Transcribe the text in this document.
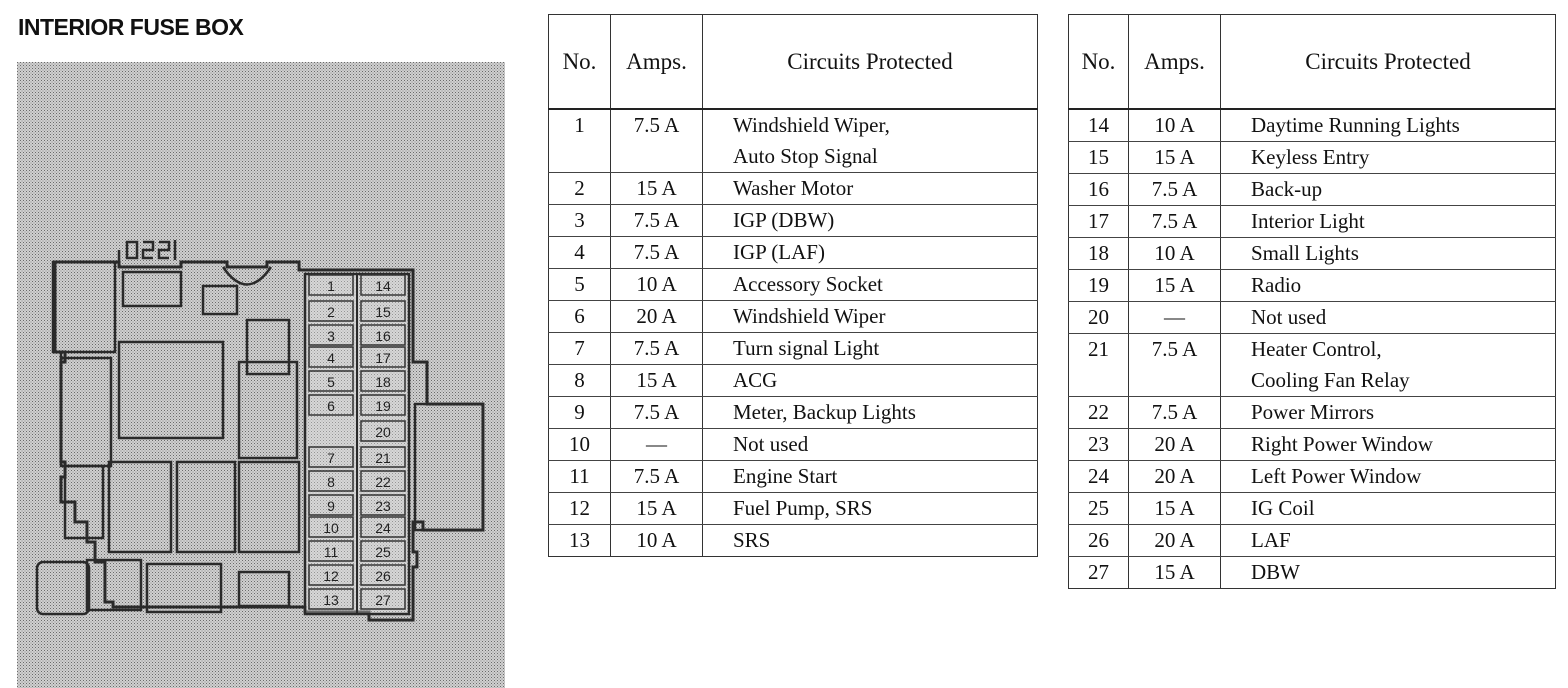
INTERIOR FUSE BOX
1
2
3
4
5
6
7
8
9
10
11
12
13
14
15
16
17
18
19
20
21
22
23
24
25
26
27
No.	Amps.	Circuits Protected
1	7.5 A	Windshield Wiper,
Auto Stop Signal
2	15 A	Washer Motor
3	7.5 A	IGP (DBW)
4	7.5 A	IGP (LAF)
5	10 A	Accessory Socket
6	20 A	Windshield Wiper
7	7.5 A	Turn signal Light
8	15 A	ACG
9	7.5 A	Meter, Backup Lights
10	—	Not used
11	7.5 A	Engine Start
12	15 A	Fuel Pump, SRS
13	10 A	SRS
No.	Amps.	Circuits Protected
14	10 A	Daytime Running Lights
15	15 A	Keyless Entry
16	7.5 A	Back-up
17	7.5 A	Interior Light
18	10 A	Small Lights
19	15 A	Radio
20	—	Not used
21	7.5 A	Heater Control,
Cooling Fan Relay
22	7.5 A	Power Mirrors
23	20 A	Right Power Window
24	20 A	Left Power Window
25	15 A	IG Coil
26	20 A	LAF
27	15 A	DBW
